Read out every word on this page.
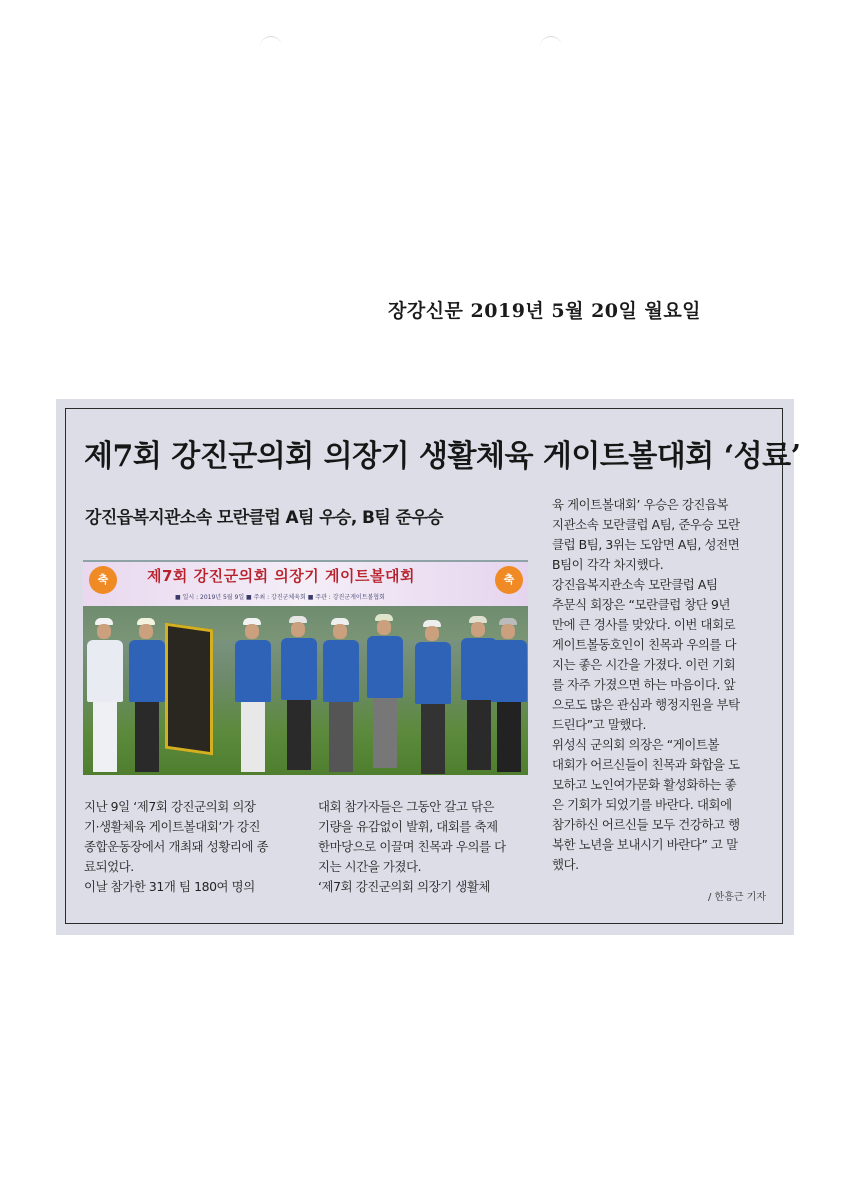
장강신문 2019년 5월 20일 월요일
제7회 강진군의회 의장기 생활체육 게이트볼대회 ‘성료’
강진읍복지관소속 모란클럽 A팀 우승, B팀 준우승
축	제7회 강진군의회 의장기 게이트볼대회
■ 일시 : 2019년 5월 9일 ■ 주최 : 강진군체육회 ■ 주관 : 강진군게이트볼협회
축

지난 9일 ‘제7회 강진군의회 의장

기·생활체육 게이트볼대회’가 강진

종합운동장에서 개최돼 성황리에 종

료되었다.

이날 참가한 31개 팀 180여 명의

대회 참가자들은 그동안 갈고 닦은

기량을 유감없이 발휘, 대회를 축제

한마당으로 이끌며 친목과 우의를 다

지는 시간을 가졌다.

‘제7회 강진군의회 의장기 생활체

육 게이트볼대회’ 우승은 강진읍복

지관소속 모란클럽 A팀, 준우승 모란

클럽 B팀, 3위는 도암면 A팀, 성전면

B팀이 각각 차지했다.

강진읍복지관소속 모란클럽 A팀

추문식 회장은 “모란클럽 창단 9년

만에 큰 경사를 맞았다. 이번 대회로

게이트볼동호인이 친목과 우의를 다

지는 좋은 시간을 가졌다. 이런 기회

를 자주 가졌으면 하는 마음이다. 앞

으로도 많은 관심과 행정지원을 부탁

드린다”고 말했다.

위성식 군의회 의장은 “게이트볼

대회가 어르신들이 친목과 화합을 도

모하고 노인여가문화 활성화하는 좋

은 기회가 되었기를 바란다. 대회에

참가하신 어르신들 모두 건강하고 행

복한 노년을 보내시기 바란다” 고 말

했다.

/ 한흥근 기자
